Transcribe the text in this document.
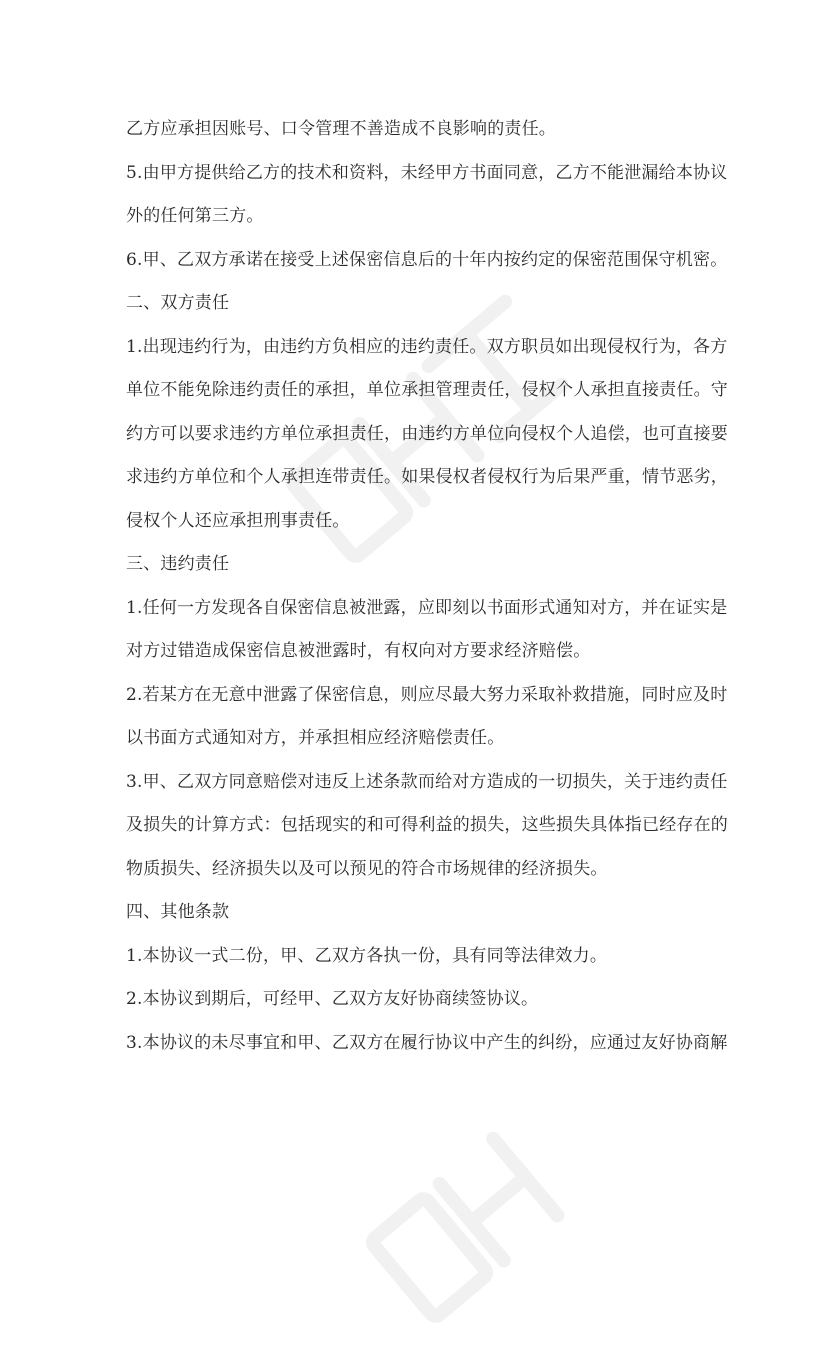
乙方应承担因账号、口令管理不善造成不良影响的责任。

5.由甲方提供给乙方的技术和资料，未经甲方书面同意，乙方不能泄漏给本协议

外的任何第三方。

6.甲、乙双方承诺在接受上述保密信息后的十年内按约定的保密范围保守机密。

二、双方责任

1.出现违约行为，由违约方负相应的违约责任。双方职员如出现侵权行为，各方

单位不能免除违约责任的承担，单位承担管理责任，侵权个人承担直接责任。守

约方可以要求违约方单位承担责任，由违约方单位向侵权个人追偿，也可直接要

求违约方单位和个人承担连带责任。如果侵权者侵权行为后果严重，情节恶劣，

侵权个人还应承担刑事责任。

三、违约责任

1.任何一方发现各自保密信息被泄露，应即刻以书面形式通知对方，并在证实是

对方过错造成保密信息被泄露时，有权向对方要求经济赔偿。

2.若某方在无意中泄露了保密信息，则应尽最大努力采取补救措施，同时应及时

以书面方式通知对方，并承担相应经济赔偿责任。

3.甲、乙双方同意赔偿对违反上述条款而给对方造成的一切损失，关于违约责任

及损失的计算方式：包括现实的和可得利益的损失，这些损失具体指已经存在的

物质损失、经济损失以及可以预见的符合市场规律的经济损失。

四、其他条款

1.本协议一式二份，甲、乙双方各执一份，具有同等法律效力。

2.本协议到期后，可经甲、乙双方友好协商续签协议。

3.本协议的未尽事宜和甲、乙双方在履行协议中产生的纠纷，应通过友好协商解
